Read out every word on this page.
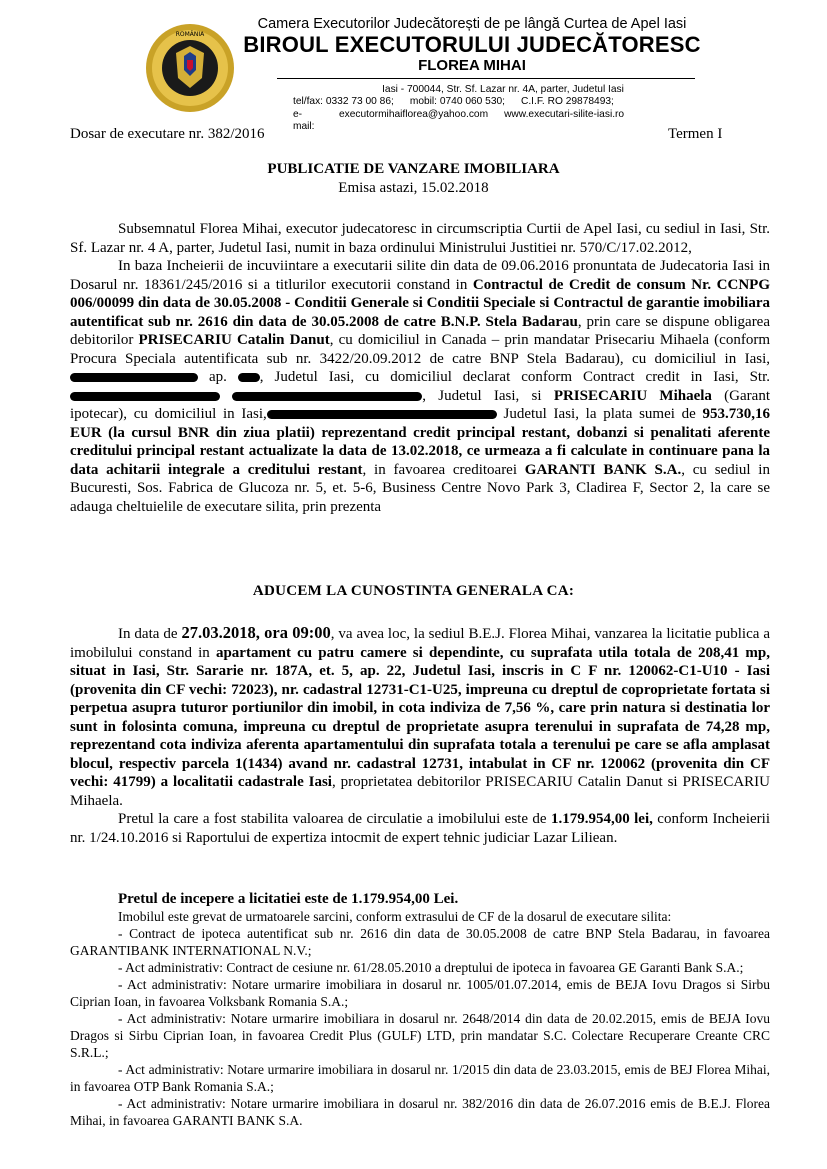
ROMÂNIA
Camera Executorilor Judecătorești de pe lângă Curtea de Apel Iasi
BIROUL EXECUTORULUI JUDECĂTORESC
FLOREA MIHAI
Iasi - 700044, Str. Sf. Lazar nr. 4A, parter, Judetul Iasi
tel/fax: 0332 73 00 86; mobil: 0740 060 530; C.I.F. RO 29878493;
e-mail:
executormihaiflorea@yahoo.com www.executari-silite-iasi.ro
Dosar de executare nr. 382/2016	Termen I
PUBLICATIE DE VANZARE IMOBILIARA
Emisa astazi, 15.02.2018

Subsemnatul Florea Mihai, executor judecatoresc in circumscriptia Curtii de Apel Iasi, cu sediul in Iasi, Str. Sf. Lazar nr. 4 A, parter, Judetul Iasi, numit in baza ordinului Ministrului Justitiei nr. 570/C/17.02.2012,

In baza Incheierii de incuviintare a executarii silite din data de 09.06.2016 pronuntata de Judecatoria Iasi in Dosarul nr. 18361/245/2016 si a titlurilor executorii constand in Contractul de Credit de consum Nr. CCNPG 006/00099 din data de 30.05.2008 - Conditii Generale si Conditii Speciale si Contractul de garantie imobiliara autentificat sub nr. 2616 din data de 30.05.2008 de catre B.N.P. Stela Badarau, prin care se dispune obligarea debitorilor PRISECARIU Catalin Danut, cu domiciliul in Canada – prin mandatar Prisecariu Mihaela (conform Procura Speciala autentificata sub nr. 3422/20.09.2012 de catre BNP Stela Badarau), cu domiciliul in Iasi,  ap. , Judetul Iasi, cu domiciliul declarat conform Contract credit in Iasi, Str.  , Judetul Iasi, si PRISECARIU Mihaela (Garant ipotecar), cu domiciliul in Iasi,	Judetul Iasi, la plata sumei de 953.730,16 EUR (la cursul BNR din ziua platii) reprezentand credit principal restant, dobanzi si penalitati aferente creditului principal restant actualizate la data de 13.02.2018, ce urmeaza a fi calculate in continuare pana la data achitarii integrale a creditului restant, in favoarea creditoarei GARANTI BANK S.A., cu sediul in Bucuresti, Sos. Fabrica de Glucoza nr. 5, et. 5-6, Business Centre Novo Park 3, Cladirea F, Sector 2, la care se adauga cheltuielile de executare silita, prin prezenta

ADUCEM LA CUNOSTINTA GENERALA CA:

In data de 27.03.2018, ora 09:00, va avea loc, la sediul B.E.J. Florea Mihai, vanzarea la licitatie publica a imobilului constand in apartament cu patru camere si dependinte, cu suprafata utila totala de 208,41 mp, situat in Iasi, Str. Sararie nr. 187A, et. 5, ap. 22, Judetul Iasi, inscris in C F nr. 120062-C1-U10 - Iasi (provenita din CF vechi: 72023), nr. cadastral 12731-C1-U25, impreuna cu dreptul de coproprietate fortata si perpetua asupra tuturor portiunilor din imobil, in cota indiviza de 7,56 %, care prin natura si destinatia lor sunt in folosinta comuna, impreuna cu dreptul de proprietate asupra terenului in suprafata de 74,28 mp, reprezentand cota indiviza aferenta apartamentului din suprafata totala a terenului pe care se afla amplasat blocul, respectiv parcela 1(1434) avand nr. cadastral 12731, intabulat in CF nr. 120062 (provenita din CF vechi: 41799) a localitatii cadastrale Iasi, proprietatea debitorilor PRISECARIU Catalin Danut si PRISECARIU Mihaela.

Pretul la care a fost stabilita valoarea de circulatie a imobilului este de 1.179.954,00 lei, conform Incheierii nr. 1/24.10.2016 si Raportului de expertiza intocmit de expert tehnic judiciar Lazar Liliean.

Pretul de incepere a licitatiei este de 1.179.954,00 Lei.

Imobilul este grevat de urmatoarele sarcini, conform extrasului de CF de la dosarul de executare silita:

- Contract de ipoteca autentificat sub nr. 2616 din data de 30.05.2008 de catre BNP Stela Badarau, in favoarea GARANTIBANK INTERNATIONAL N.V.;

- Act administrativ: Contract de cesiune nr. 61/28.05.2010 a dreptului de ipoteca in favoarea GE Garanti Bank S.A.;

- Act administrativ: Notare urmarire imobiliara in dosarul nr. 1005/01.07.2014, emis de BEJA Iovu Dragos si Sirbu Ciprian Ioan, in favoarea Volksbank Romania S.A.;

- Act administrativ: Notare urmarire imobiliara in dosarul nr. 2648/2014 din data de 20.02.2015, emis de BEJA Iovu Dragos si Sirbu Ciprian Ioan, in favoarea Credit Plus (GULF) LTD, prin mandatar S.C. Colectare Recuperare Creante CRC S.R.L.;

- Act administrativ: Notare urmarire imobiliara in dosarul nr. 1/2015 din data de 23.03.2015, emis de BEJ Florea Mihai, in favoarea OTP Bank Romania S.A.;

- Act administrativ: Notare urmarire imobiliara in dosarul nr. 382/2016 din data de 26.07.2016 emis de B.E.J. Florea Mihai, in favoarea GARANTI BANK S.A.
